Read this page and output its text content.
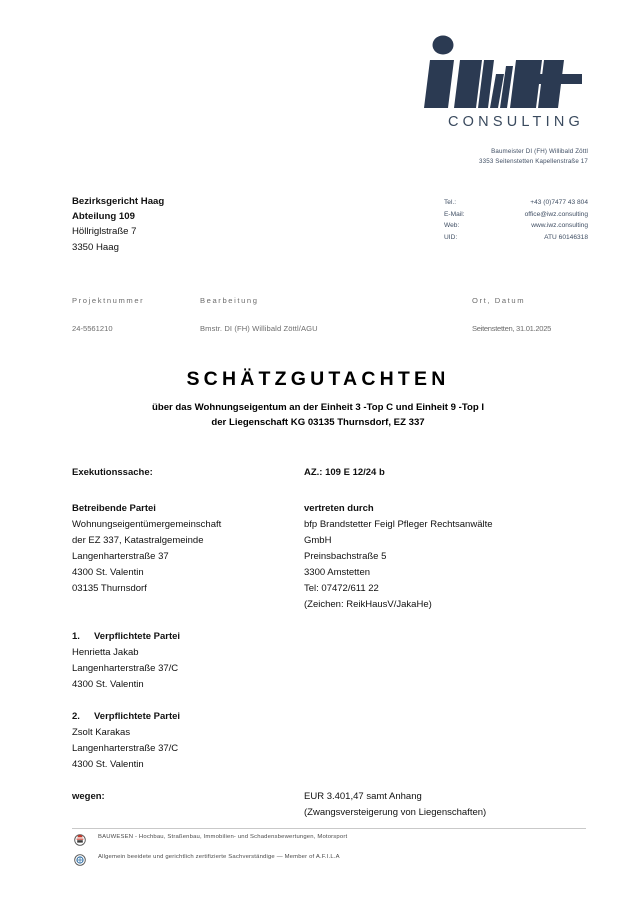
CONSULTING
Baumeister DI (FH) Willibald Zöttl
3353 Seitenstetten Kapellenstraße 17
Tel.:	+43 (0)7477 43 804
E-Mail:	office@iwz.consulting
Web:	www.iwz.consulting
UID:	ATU 60146318
Bezirksgericht Haag
Abteilung 109
Höllriglstraße 7
3350 Haag
Projektnummer	Bearbeitung	Ort, Datum
24-5561210	Bmstr. DI (FH) Willibald Zöttl/AGU	Seitenstetten, 31.01.2025
SCHÄTZGUTACHTEN
über das Wohnungseigentum an der Einheit 3 -Top C und Einheit 9 -Top I
der Liegenschaft KG 03135 Thurnsdorf, EZ 337
Exekutionssache:	AZ.: 109 E 12/24 b
Betreibende Partei
Wohnungseigentümergemeinschaft
der EZ 337, Katastralgemeinde
Langenharterstraße 37
4300 St. Valentin
03135 Thurnsdorf
vertreten durch
bfp Brandstetter Feigl Pfleger Rechtsanwälte
GmbH
Preinsbachstraße 5
3300 Amstetten
Tel: 07472/611 22
(Zeichen: ReikHausV/JakaHe)
1. Verpflichtete Partei
Henrietta Jakab
Langenharterstraße 37/C
4300 St. Valentin
2. Verpflichtete Partei
Zsolt Karakas
Langenharterstraße 37/C
4300 St. Valentin
wegen:	EUR 3.401,47 samt Anhang
(Zwangsversteigerung von Liegenschaften)
BAUWESEN - Hochbau, Straßenbau, Immobilien- und Schadensbewertungen, Motorsport
Allgemein beeidete und gerichtlich zertifizierte Sachverständige — Member of A.F.I.L.A
